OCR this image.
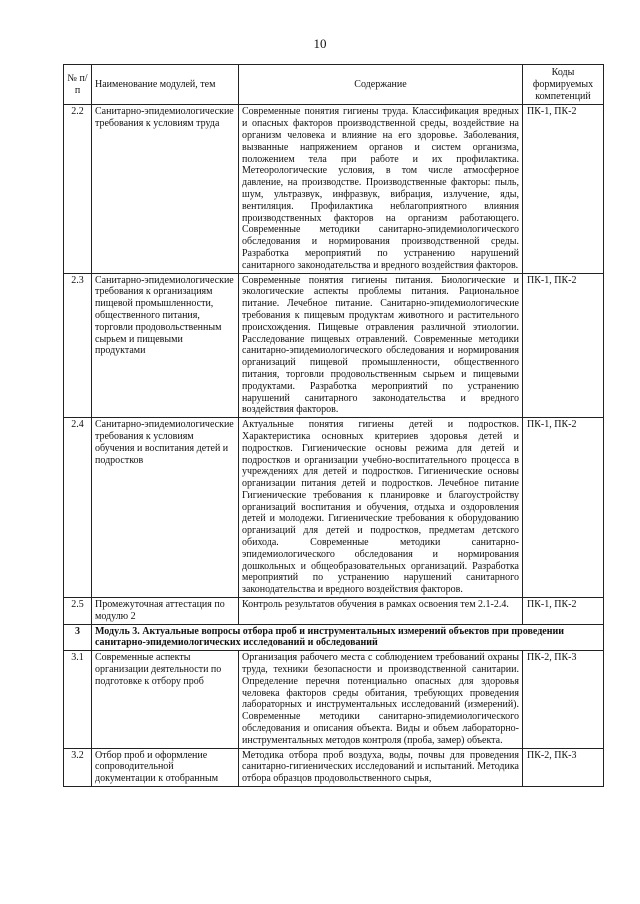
10
№ п/п	Наименование модулей, тем	Содержание	Коды формируемых компетенций
2.2	Санитарно-эпидемиологические требования к условиям труда	Современные понятия гигиены труда. Классификация вредных и опасных факторов производственной среды, воздействие на организм человека и влияние на его здоровье. Заболевания, вызванные напряжением органов и систем организма, положением тела при работе и их профилактика. Метеорологические условия, в том числе атмосферное давление, на производстве. Производственные факторы: пыль, шум, ультразвук, инфразвук, вибрация, излучение, яды, вентиляция. Профилактика неблагоприятного влияния производственных факторов на организм работающего. Современные методики санитарно-эпидемиологического обследования и нормирования производственной среды. Разработка мероприятий по устранению нарушений санитарного законодательства и вредного воздействия факторов.	ПК-1, ПК-2
2.3	Санитарно-эпидемиологические требования к организациям пищевой промышленности, общественного питания, торговли продовольственным сырьем и пищевыми продуктами	Современные понятия гигиены питания. Биологические и экологические аспекты проблемы питания. Рациональное питание. Лечебное питание. Санитарно-эпидемиологические требования к пищевым продуктам животного и растительного происхождения. Пищевые отравления различной этиологии. Расследование пищевых отравлений. Современные методики санитарно-эпидемиологического обследования и нормирования организаций пищевой промышленности, общественного питания, торговли продовольственным сырьем и пищевыми продуктами. Разработка мероприятий по устранению нарушений санитарного законодательства и вредного воздействия факторов.	ПК-1, ПК-2
2.4	Санитарно-эпидемиологические требования к условиям обучения и воспитания детей и подростков	Актуальные понятия гигиены детей и подростков. Характеристика основных критериев здоровья детей и подростков. Гигиенические основы режима для детей и подростков и организации учебно-воспитательного процесса в учреждениях для детей и подростков. Гигиенические основы организации питания детей и подростков. Лечебное питание Гигиенические требования к планировке и благоустройству организаций воспитания и обучения, отдыха и оздоровления детей и молодежи. Гигиенические требования к оборудованию организаций для детей и подростков, предметам детского обихода. Современные методики санитарно-эпидемиологического обследования и нормирования дошкольных и общеобразовательных организаций. Разработка мероприятий по устранению нарушений санитарного законодательства и вредного воздействия факторов.	ПК-1, ПК-2
2.5	Промежуточная аттестация по модулю 2	Контроль результатов обучения в рамках освоения тем 2.1-2.4.	ПК-1, ПК-2
3	Модуль 3. Актуальные вопросы отбора проб и инструментальных измерений объектов при проведении санитарно-эпидемиологических исследований и обследований		
3.1	Современные аспекты организации деятельности по подготовке к отбору проб	Организация рабочего места с соблюдением требований охраны труда, техники безопасности и производственной санитарии. Определение перечня потенциально опасных для здоровья человека факторов среды обитания, требующих проведения лабораторных и инструментальных исследований (измерений). Современные методики санитарно-эпидемиологического обследования и описания объекта. Виды и объем лабораторно-инструментальных методов контроля (проба, замер) объекта.	ПК-2, ПК-3
3.2	Отбор проб и оформление сопроводительной документации к отобранным	Методика отбора проб воздуха, воды, почвы для проведения санитарно-гигиенических исследований и испытаний. Методика отбора образцов продовольственного сырья,	ПК-2, ПК-3
